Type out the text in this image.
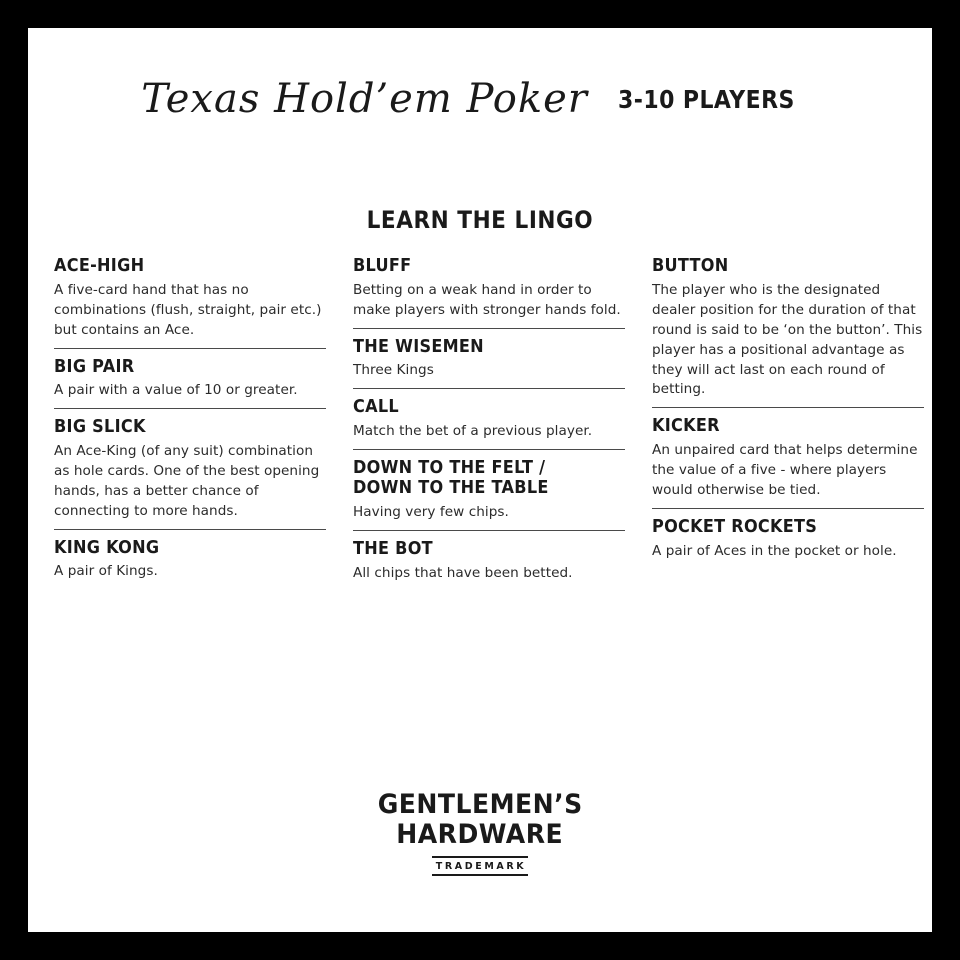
Texas Hold’em Poker 3-10 PLAYERS
LEARN THE LINGO
ACE-HIGH
A five-card hand that has no combinations (flush, straight, pair etc.) but contains an Ace.
BIG PAIR
A pair with a value of 10 or greater.
BIG SLICK
An Ace-King (of any suit) combination as hole cards. One of the best opening hands, has a better chance of connecting to more hands.
KING KONG
A pair of Kings.
BLUFF
Betting on a weak hand in order to make players with stronger hands fold.
THE WISEMEN
Three Kings
CALL
Match the bet of a previous player.
DOWN TO THE FELT / DOWN TO THE TABLE
Having very few chips.
THE BOT
All chips that have been betted.
BUTTON
The player who is the designated dealer position for the duration of that round is said to be ‘on the button’. This player has a positional advantage as they will act last on each round of betting.
KICKER
An unpaired card that helps determine the value of a five - where players would otherwise be tied.
POCKET ROCKETS
A pair of Aces in the pocket or hole.
GENTLEMEN’S
HARDWARE
TRADEMARK
